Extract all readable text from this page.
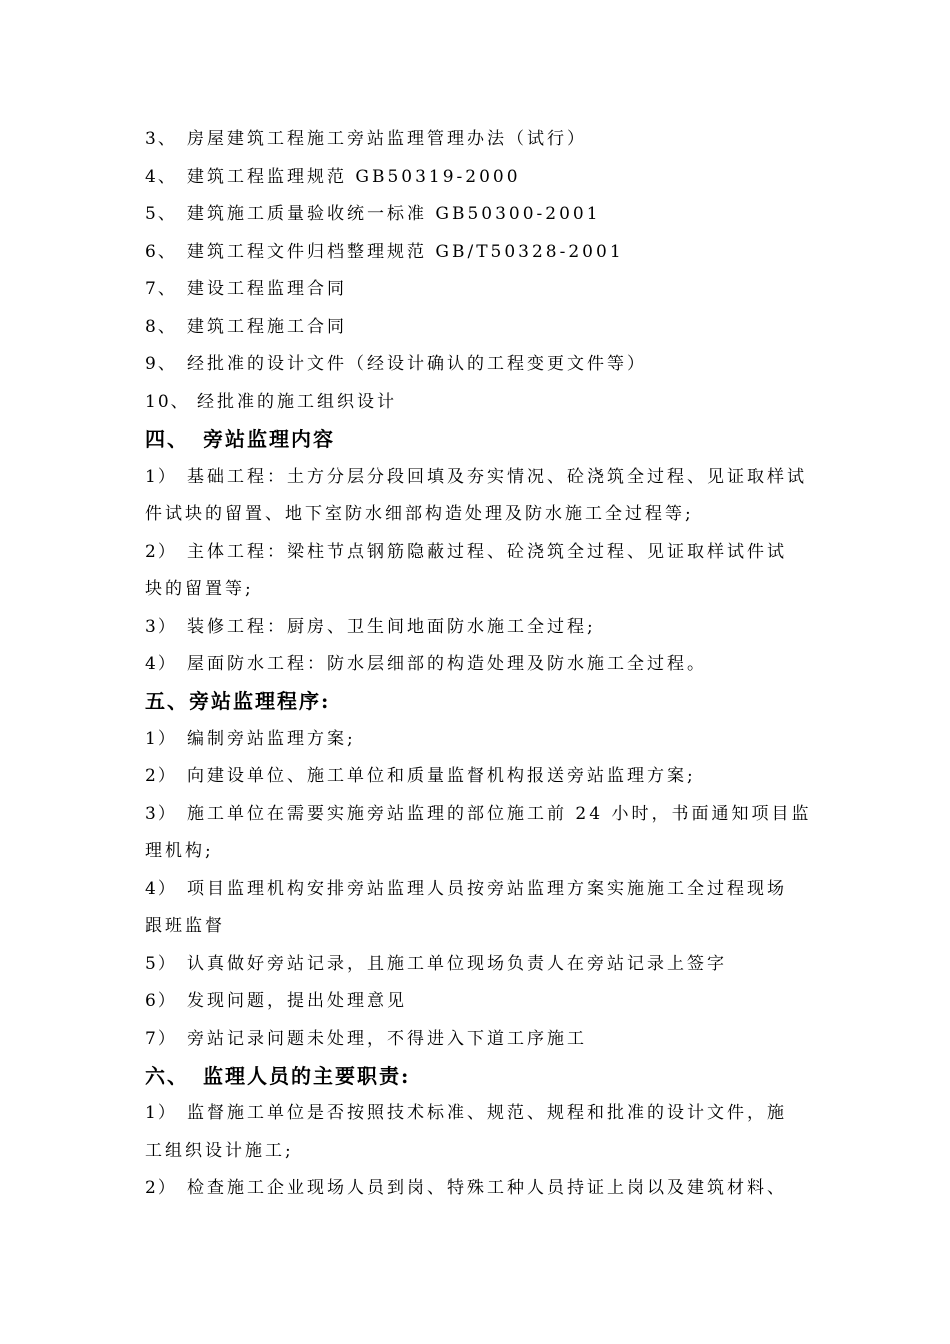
3、 房屋建筑工程施工旁站监理管理办法（试行）
4、 建筑工程监理规范 GB50319-2000
5、 建筑施工质量验收统一标准 GB50300-2001
6、 建筑工程文件归档整理规范 GB/T50328-2001
7、 建设工程监理合同
8、 建筑工程施工合同
9、 经批准的设计文件（经设计确认的工程变更文件等）
10、 经批准的施工组织设计
四、 旁站监理内容
1） 基础工程：土方分层分段回填及夯实情况、砼浇筑全过程、见证取样试
件试块的留置、地下室防水细部构造处理及防水施工全过程等;
2） 主体工程：梁柱节点钢筋隐蔽过程、砼浇筑全过程、见证取样试件试
块的留置等;
3） 装修工程：厨房、卫生间地面防水施工全过程;
4） 屋面防水工程：防水层细部的构造处理及防水施工全过程。
五、旁站监理程序:
1） 编制旁站监理方案;
2） 向建设单位、施工单位和质量监督机构报送旁站监理方案;
3） 施工单位在需要实施旁站监理的部位施工前 24 小时，书面通知项目监
理机构;
4） 项目监理机构安排旁站监理人员按旁站监理方案实施施工全过程现场
跟班监督
5） 认真做好旁站记录，且施工单位现场负责人在旁站记录上签字
6） 发现问题，提出处理意见
7） 旁站记录问题未处理，不得进入下道工序施工
六、 监理人员的主要职责:
1） 监督施工单位是否按照技术标准、规范、规程和批准的设计文件，施
工组织设计施工;
2） 检查施工企业现场人员到岗、特殊工种人员持证上岗以及建筑材料、
